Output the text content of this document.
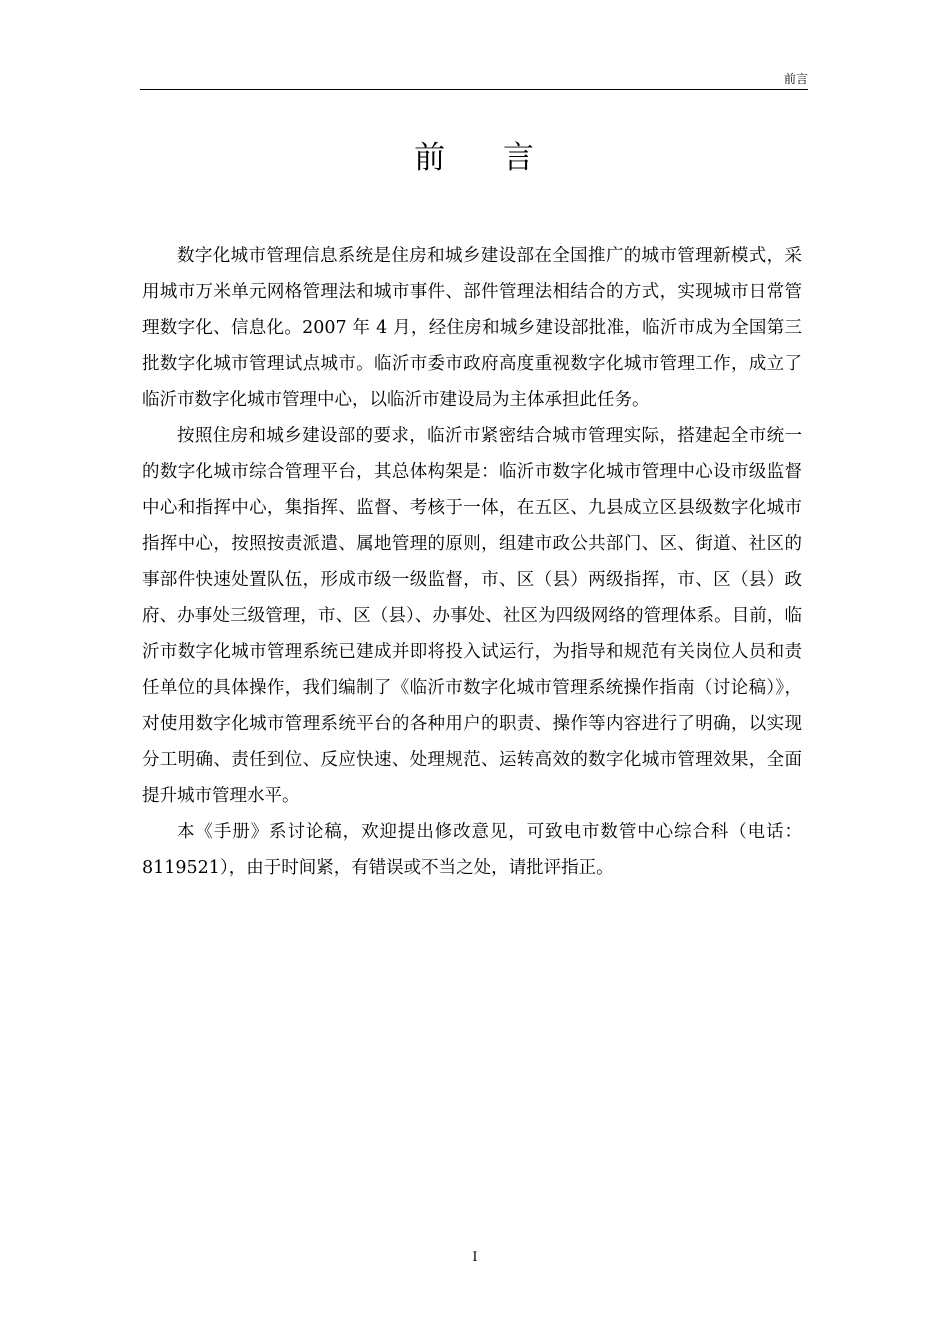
前言
前 言

数字化城市管理信息系统是住房和城乡建设部在全国推广的城市管理新模式，采用城市万米单元网格管理法和城市事件、部件管理法相结合的方式，实现城市日常管理数字化、信息化。2007 年 4 月，经住房和城乡建设部批准，临沂市成为全国第三批数字化城市管理试点城市。临沂市委市政府高度重视数字化城市管理工作，成立了临沂市数字化城市管理中心，以临沂市建设局为主体承担此任务。

按照住房和城乡建设部的要求，临沂市紧密结合城市管理实际，搭建起全市统一的数字化城市综合管理平台，其总体构架是：临沂市数字化城市管理中心设市级监督中心和指挥中心，集指挥、监督、考核于一体，在五区、九县成立区县级数字化城市指挥中心，按照按责派遣、属地管理的原则，组建市政公共部门、区、街道、社区的事部件快速处置队伍，形成市级一级监督，市、区（县）两级指挥，市、区（县）政府、办事处三级管理，市、区（县）、办事处、社区为四级网络的管理体系。目前，临沂市数字化城市管理系统已建成并即将投入试运行，为指导和规范有关岗位人员和责任单位的具体操作，我们编制了《临沂市数字化城市管理系统操作指南（讨论稿）》，对使用数字化城市管理系统平台的各种用户的职责、操作等内容进行了明确，以实现分工明确、责任到位、反应快速、处理规范、运转高效的数字化城市管理效果，全面提升城市管理水平。

本《手册》系讨论稿，欢迎提出修改意见，可致电市数管中心综合科（电话：8119521），由于时间紧，有错误或不当之处，请批评指正。

I
